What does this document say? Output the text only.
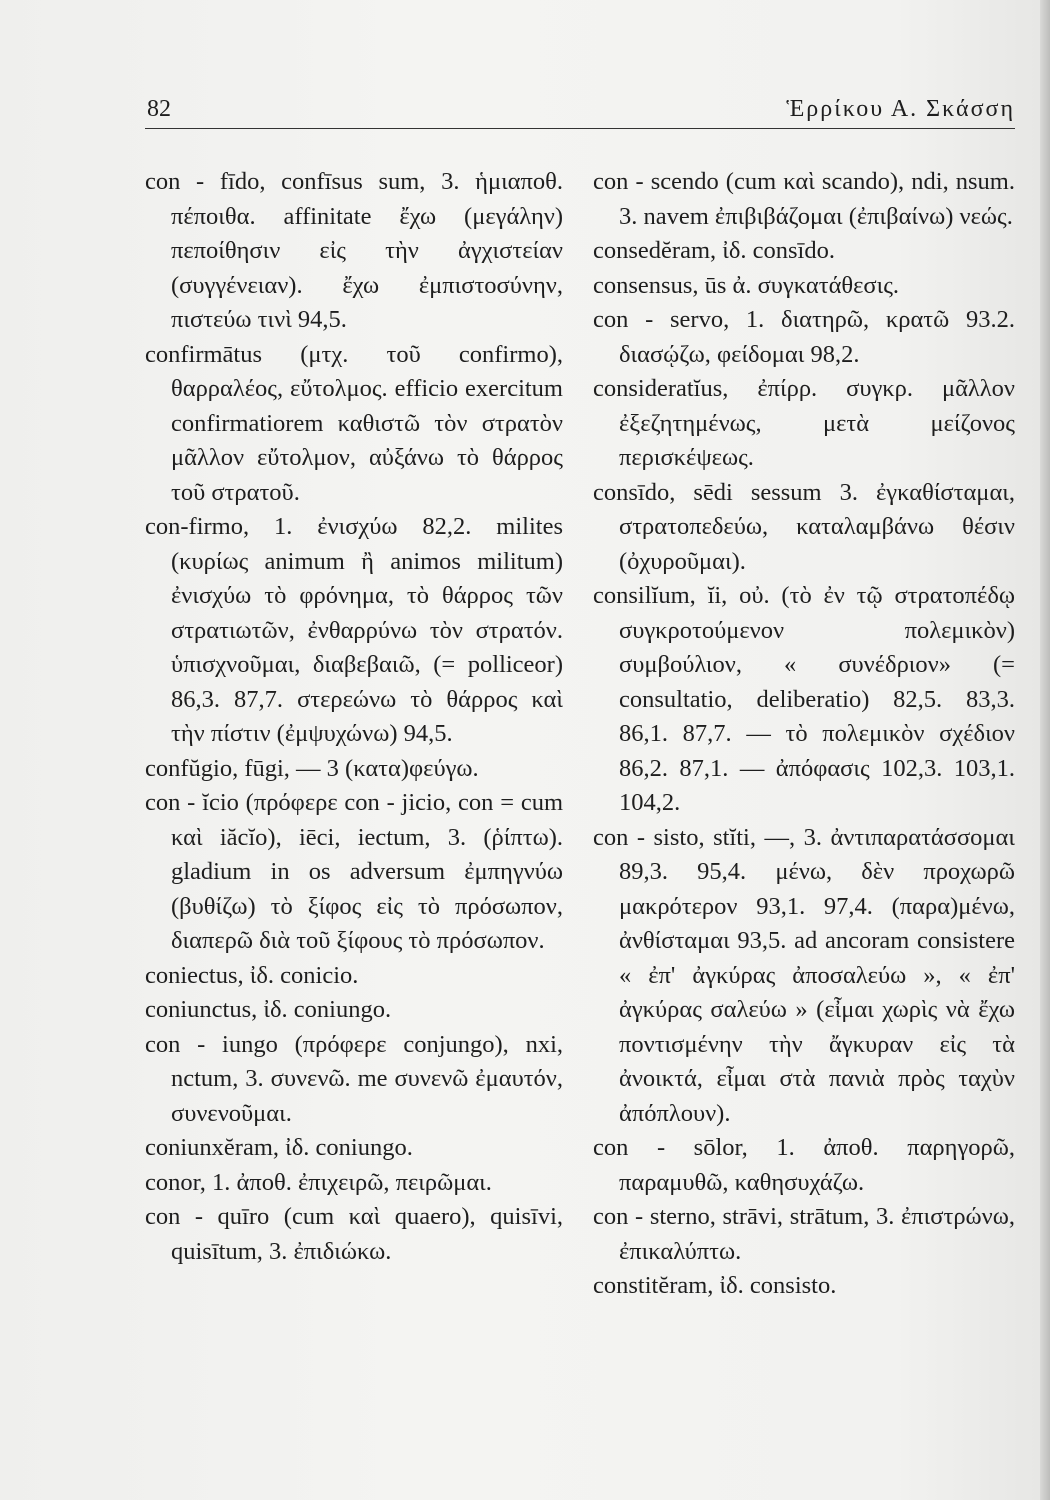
82	Ἑρρίκου Α. Σκάσση

con - fīdo, confīsus sum, 3. ἡμιαποθ. πέποιθα. affinitate ἔχω (μεγάλην) πεποίθησιν εἰς τὴν ἀγχιστείαν (συγγένειαν). ἔχω ἐμπιστοσύνην, πιστεύω τινὶ 94,5.

confirmātus (μτχ. τοῦ confirmo), θαρραλέος, εὔτολμος. efficio exercitum confirmatiorem καθιστῶ τὸν στρατὸν μᾶλλον εὔτολμον, αὐξάνω τὸ θάρρος τοῦ στρατοῦ.

con-firmo, 1. ἐνισχύω 82,2. milites (κυρίως animum ἢ animos militum) ἐνισχύω τὸ φρόνημα, τὸ θάρρος τῶν στρατιωτῶν, ἐνθαρρύνω τὸν στρατόν. ὑπισχνοῦμαι, διαβεβαιῶ, (= polliceor) 86,3. 87,7. στερεώνω τὸ θάρρος καὶ τὴν πίστιν (ἐμψυχώνω) 94,5.

confŭgio, fūgi, — 3 (κατα)φεύγω.

con - ĭcio (πρόφερε con - jicio, con = cum καὶ iăcĭo), iēci, iectum, 3. (ῥίπτω). gladium in os adversum ἐμπηγνύω (βυθίζω) τὸ ξίφος εἰς τὸ πρόσωπον, διαπερῶ διὰ τοῦ ξίφους τὸ πρόσωπον.

coniectus, ἰδ. conicio.

coniunctus, ἰδ. coniungo.

con - iungo (πρόφερε conjungo), nxi, nctum, 3. συνενῶ. me συνενῶ ἐμαυτόν, συνενοῦμαι.

coniunxĕram, ἰδ. coniungo.

conor, 1. ἀποθ. ἐπιχειρῶ, πειρῶμαι.

con - quīro (cum καὶ quaero), quisīvi, quisītum, 3. ἐπιδιώκω.

con - scendo (cum καὶ scando), ndi, nsum. 3. navem ἐπιβιβάζομαι (ἐπιβαίνω) νεώς.

consedĕram, ἰδ. consīdo.

consensus, ūs ἀ. συγκατάθεσις.

con - servo, 1. διατηρῶ, κρατῶ 93.2. διασῴζω, φείδομαι 98,2.

consideratĭus, ἐπίρρ. συγκρ. μᾶλλον ἐξεζητημένως, μετὰ μείζονος περισκέψεως.

consīdo, sēdi sessum 3. ἐγκαθίσταμαι, στρατοπεδεύω, καταλαμβάνω θέσιν (ὀχυροῦμαι).

consilĭum, ĭi, οὐ. (τὸ ἐν τῷ στρατοπέδῳ συγκροτούμενον πολεμικὸν) συμβούλιον, « συνέδριον» (= consultatio, deliberatio) 82,5. 83,3. 86,1. 87,7. — τὸ πολεμικὸν σχέδιον 86,2. 87,1. — ἀπόφασις 102,3. 103,1. 104,2.

con - sisto, stĭti, —, 3. ἀντιπαρατάσσομαι 89,3. 95,4. μένω, δὲν προχωρῶ μακρότερον 93,1. 97,4. (παρα)μένω, ἀνθίσταμαι 93,5. ad ancoram consistere « ἐπ' ἀγκύρας ἀποσαλεύω », « ἐπ' ἀγκύρας σαλεύω » (εἶμαι χωρὶς νὰ ἔχω ποντισμένην τὴν ἄγκυραν εἰς τὰ ἀνοικτά, εἶμαι στὰ πανιὰ πρὸς ταχὺν ἀπόπλουν).

con - sōlor, 1. ἀποθ. παρηγορῶ, παραμυθῶ, καθησυχάζω.

con - sterno, strāvi, strātum, 3. ἐπιστρώνω, ἐπικαλύπτω.

constitĕram, ἰδ. consisto.
